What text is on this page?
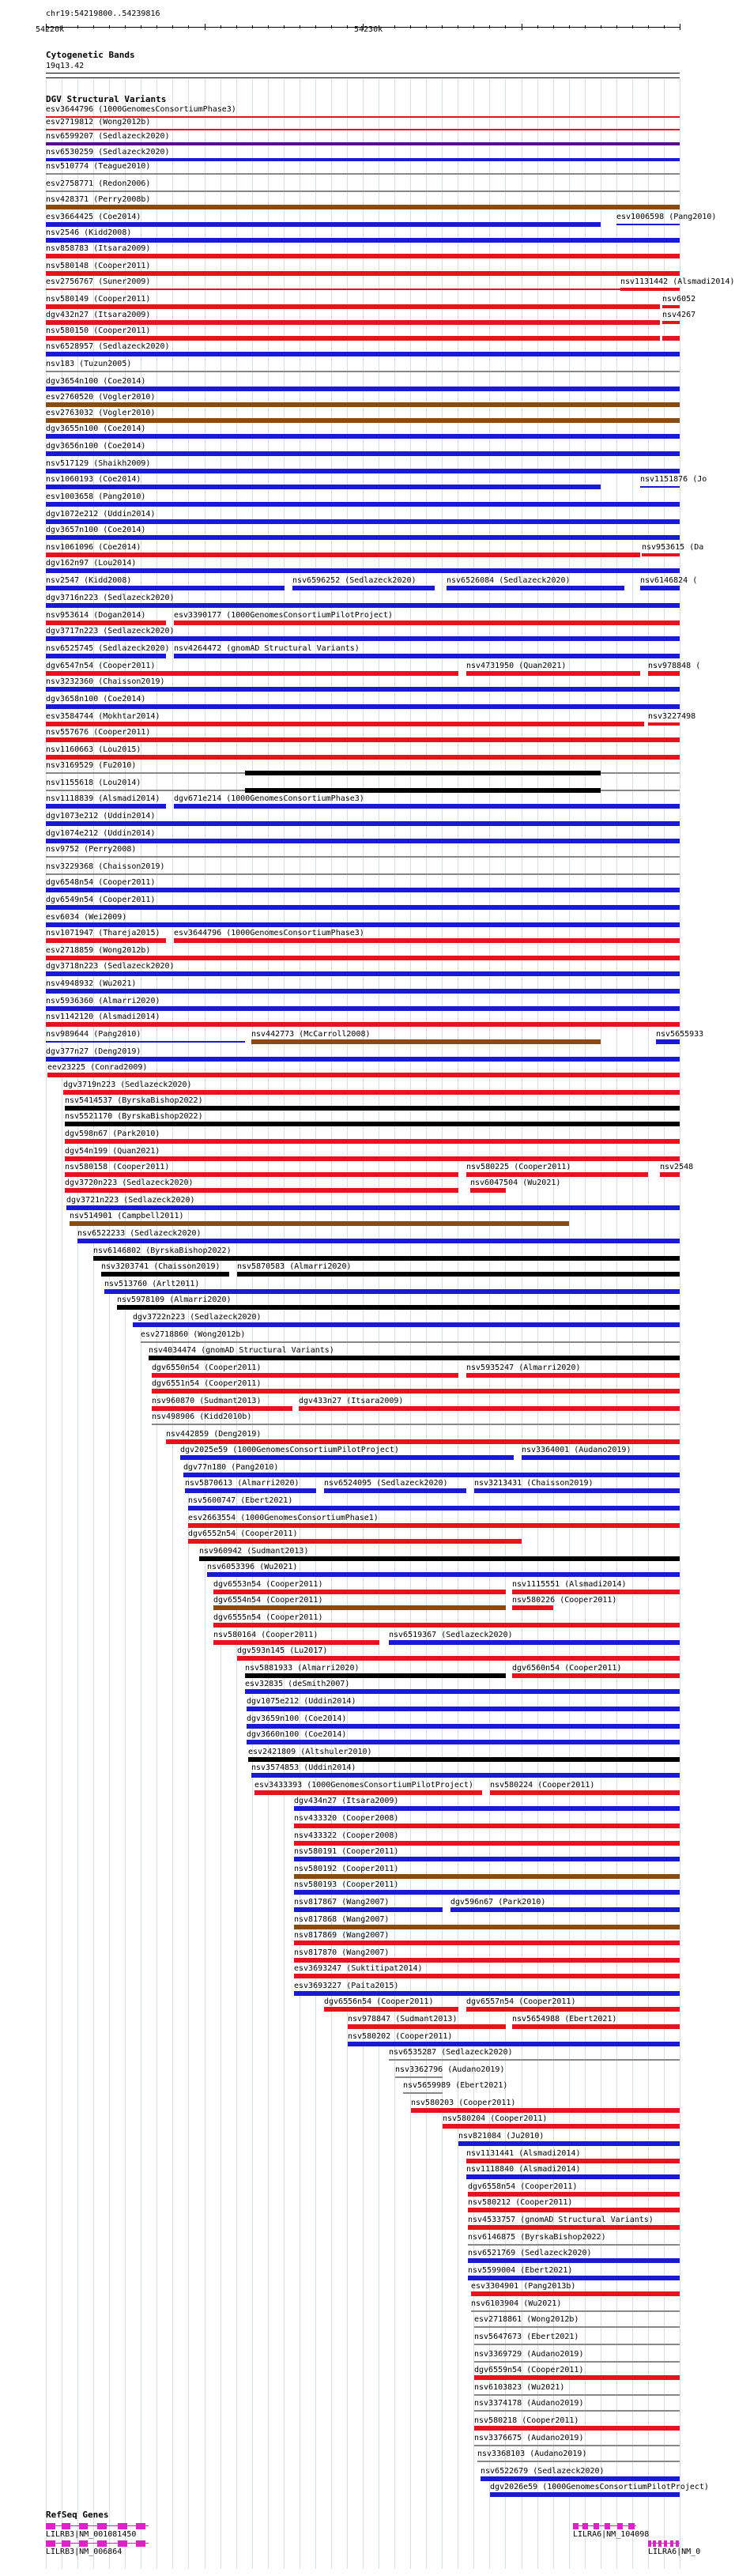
chr19:54219800..54239816
54220k	54230k
Cytogenetic Bands
19q13.42
DGV Structural Variants
esv3644796 (1000GenomesConsortiumPhase3)
esv2719812 (Wong2012b)
nsv6599207 (Sedlazeck2020)
nsv6530259 (Sedlazeck2020)
nsv510774 (Teague2010)
esv2758771 (Redon2006)
nsv428371 (Perry2008b)
esv3664425 (Coe2014)	esv1006598 (Pang2010)
nsv2546 (Kidd2008)
nsv858783 (Itsara2009)
nsv580148 (Cooper2011)
esv2756767 (Suner2009)	nsv1131442 (Alsmadi2014)
nsv580149 (Cooper2011)	nsv6052
dgv432n27 (Itsara2009)	nsv4267
nsv580150 (Cooper2011)
nsv6528957 (Sedlazeck2020)
nsv183 (Tuzun2005)
dgv3654n100 (Coe2014)
esv2760520 (Vogler2010)
esv2763032 (Vogler2010)
dgv3655n100 (Coe2014)
dgv3656n100 (Coe2014)
nsv517129 (Shaikh2009)
nsv1060193 (Coe2014)	nsv1151876 (Jo
esv1003658 (Pang2010)
dgv1072e212 (Uddin2014)
dgv3657n100 (Coe2014)
nsv1061096 (Coe2014)	nsv953615 (Da
dgv162n97 (Lou2014)
nsv2547 (Kidd2008)	nsv6596252 (Sedlazeck2020)	nsv6526084 (Sedlazeck2020)	nsv6146824 (
dgv3716n223 (Sedlazeck2020)
nsv953614 (Dogan2014)	esv3390177 (1000GenomesConsortiumPilotProject)
dgv3717n223 (Sedlazeck2020)
nsv6525745 (Sedlazeck2020) nsv4264472 (gnomAD Structural Variants)
dgv6547n54 (Cooper2011)	nsv4731950 (Quan2021)	nsv978848 (
nsv3232360 (Chaisson2019)
dgv3658n100 (Coe2014)
esv3584744 (Mokhtar2014)	nsv3227498
nsv557676 (Cooper2011)
nsv1160663 (Lou2015)
nsv3169529 (Fu2010)
nsv1155618 (Lou2014)
nsv1118839 (Alsmadi2014) dgv671e214 (1000GenomesConsortiumPhase3)
dgv1073e212 (Uddin2014)
dgv1074e212 (Uddin2014)
nsv9752 (Perry2008)
nsv3229368 (Chaisson2019)
dgv6548n54 (Cooper2011)
dgv6549n54 (Cooper2011)
esv6034 (Wei2009)
nsv1071947 (Thareja2015) esv3644796 (1000GenomesConsortiumPhase3)
esv2718859 (Wong2012b)
dgv3718n223 (Sedlazeck2020)
nsv4948932 (Wu2021)
nsv5936360 (Almarri2020)
nsv1142120 (Alsmadi2014)
nsv989644 (Pang2010)	nsv442773 (McCarroll2008)	nsv5655933
dgv377n27 (Deng2019)
eev23225 (Conrad2009)
dgv3719n223 (Sedlazeck2020)
nsv5414537 (ByrskaBishop2022)
nsv5521170 (ByrskaBishop2022)
dgv598n67 (Park2010)
dgv54n199 (Quan2021)
nsv580158 (Cooper2011)	nsv580225 (Cooper2011)	nsv2548
dgv3720n223 (Sedlazeck2020)	nsv6047504 (Wu2021)
dgv3721n223 (Sedlazeck2020)
nsv514901 (Campbell2011)
nsv6522233 (Sedlazeck2020)
nsv6146802 (ByrskaBishop2022)
nsv3203741 (Chaisson2019) nsv5870583 (Almarri2020)
nsv513760 (Arlt2011)
nsv5978109 (Almarri2020)
dgv3722n223 (Sedlazeck2020)
esv2718860 (Wong2012b)
nsv4034474 (gnomAD Structural Variants)
dgv6550n54 (Cooper2011)	nsv5935247 (Almarri2020)
dgv6551n54 (Cooper2011)
nsv960870 (Sudmant2013)	dgv433n27 (Itsara2009)
nsv498906 (Kidd2010b)
nsv442859 (Deng2019)
dgv2025e59 (1000GenomesConsortiumPilotProject)	nsv3364001 (Audano2019)
dgv77n180 (Pang2010)
nsv5870613 (Almarri2020)	nsv6524095 (Sedlazeck2020)	nsv3213431 (Chaisson2019)
nsv5600747 (Ebert2021)
esv2663554 (1000GenomesConsortiumPhase1)
dgv6552n54 (Cooper2011)
nsv960942 (Sudmant2013)
nsv6053396 (Wu2021)
dgv6553n54 (Cooper2011)	nsv1115551 (Alsmadi2014)
dgv6554n54 (Cooper2011)	nsv580226 (Cooper2011)
dgv6555n54 (Cooper2011)
nsv580164 (Cooper2011)	nsv6519367 (Sedlazeck2020)
dgv593n145 (Lu2017)
nsv5881933 (Almarri2020)	dgv6560n54 (Cooper2011)
esv32835 (deSmith2007)
dgv1075e212 (Uddin2014)
dgv3659n100 (Coe2014)
dgv3660n100 (Coe2014)
esv2421809 (Altshuler2010)
nsv3574853 (Uddin2014)
esv3433393 (1000GenomesConsortiumPilotProject) nsv580224 (Cooper2011)
dgv434n27 (Itsara2009)
nsv433320 (Cooper2008)
nsv433322 (Cooper2008)
nsv580191 (Cooper2011)
nsv580192 (Cooper2011)
nsv580193 (Cooper2011)
nsv817867 (Wang2007)	dgv596n67 (Park2010)
nsv817868 (Wang2007)
nsv817869 (Wang2007)
nsv817870 (Wang2007)
esv3693247 (Suktitipat2014)
esv3693227 (Paita2015)
dgv6556n54 (Cooper2011)	dgv6557n54 (Cooper2011)
nsv978847 (Sudmant2013)	nsv5654988 (Ebert2021)
nsv580202 (Cooper2011)
nsv6535287 (Sedlazeck2020)
nsv3362796 (Audano2019)
nsv5659989 (Ebert2021)
nsv580203 (Cooper2011)
nsv580204 (Cooper2011)
nsv821084 (Ju2010)
nsv1131441 (Alsmadi2014)
nsv1118840 (Alsmadi2014)
dgv6558n54 (Cooper2011)
nsv580212 (Cooper2011)
nsv4533757 (gnomAD Structural Variants)
nsv6146875 (ByrskaBishop2022)
nsv6521769 (Sedlazeck2020)
nsv5599004 (Ebert2021)
esv3304901 (Pang2013b)
nsv6103904 (Wu2021)
esv2718861 (Wong2012b)
nsv5647673 (Ebert2021)
nsv3369729 (Audano2019)
dgv6559n54 (Cooper2011)
nsv6103823 (Wu2021)
nsv3374178 (Audano2019)
nsv580218 (Cooper2011)
nsv3376675 (Audano2019)
nsv3368103 (Audano2019)
nsv6522679 (Sedlazeck2020)
dgv2026e59 (1000GenomesConsortiumPilotProject)
RefSeq Genes
LILRB3|NM_001081450
LILRB3|NM_006864
LILRA6|NM_104098
LILRA6|NM_0
